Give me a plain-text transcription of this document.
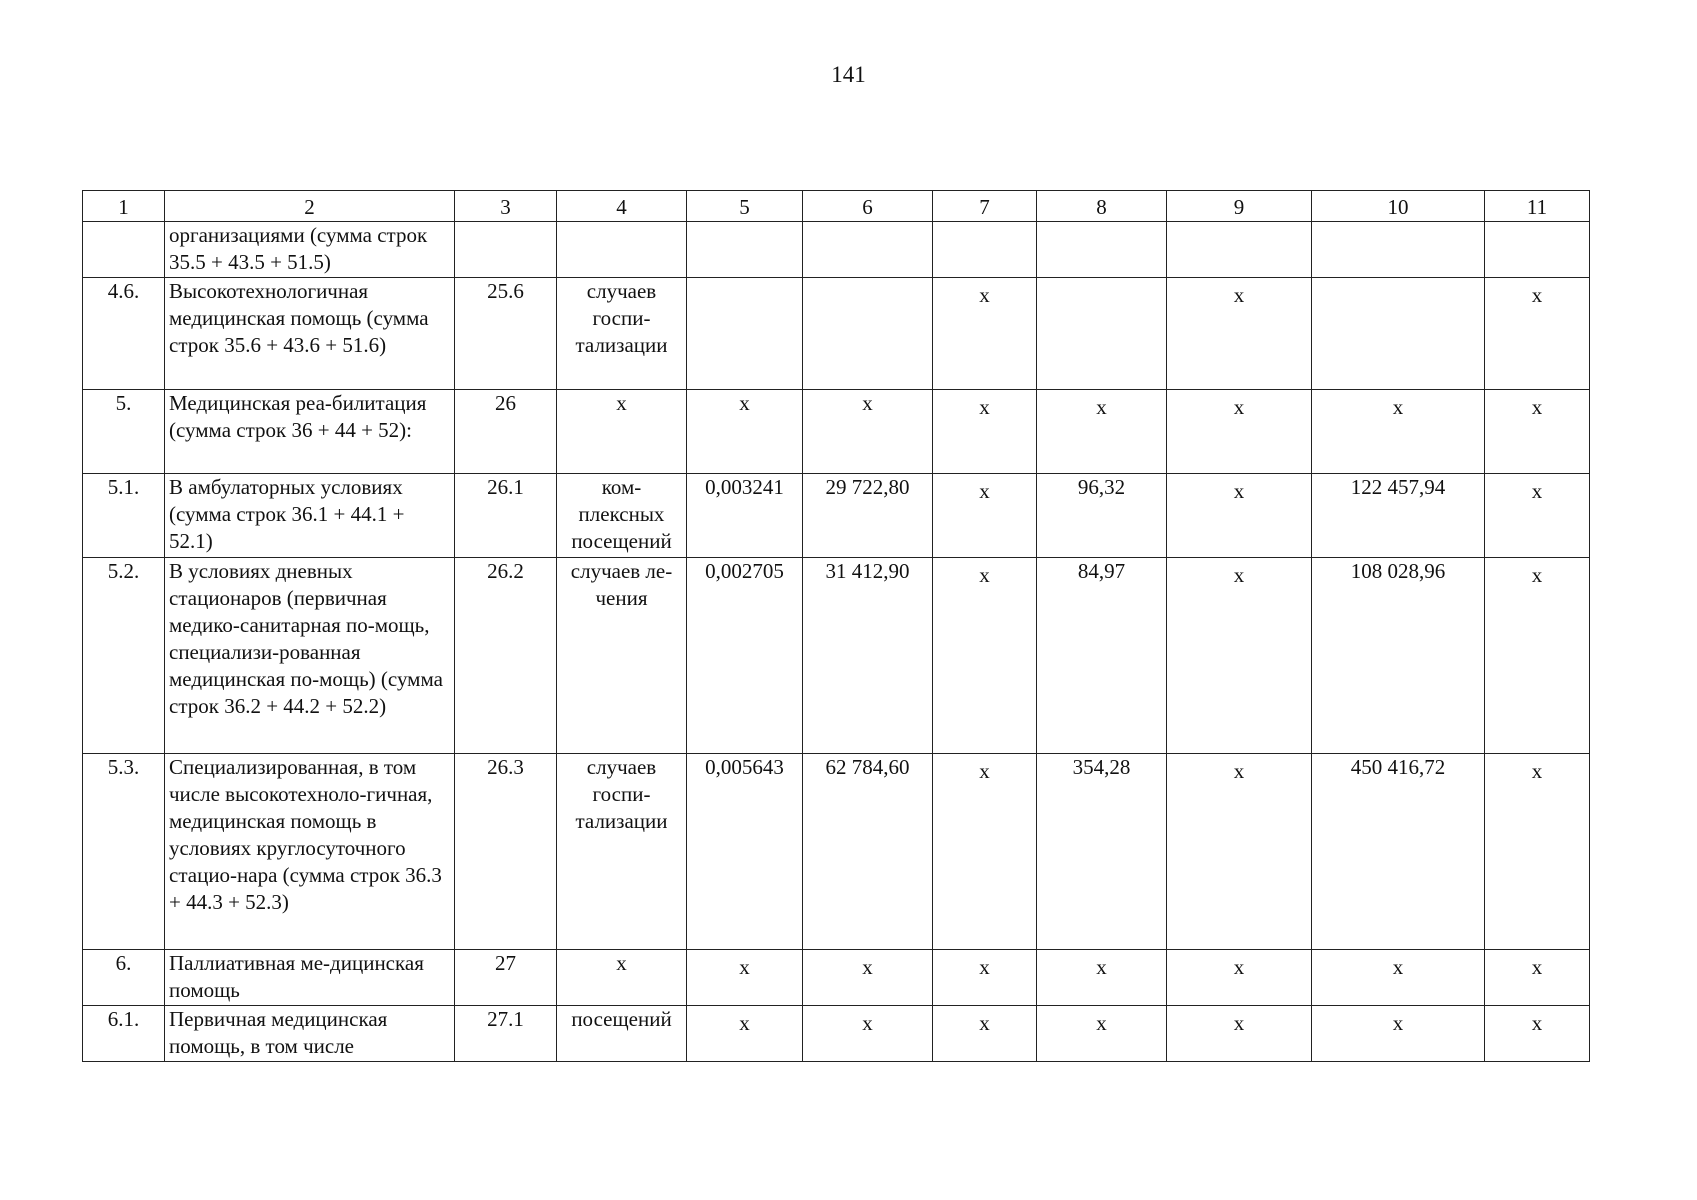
141
1	2	3	4	5	6	7	8	9	10	11
	организациями (сумма строк 35.5 + 43.5 + 51.5)									
4.6.	Высокотехнологичная медицинская помощь (сумма строк 35.6 + 43.6 + 51.6)	25.6	случаев госпи-тализации			х		х		х
5.	Медицинская реа-билитация (сумма строк 36 + 44 + 52):	26	х	х	х	х	х	х	х	х
5.1.	В амбулаторных условиях (сумма строк 36.1 + 44.1 + 52.1)	26.1	ком-плексных посещений	0,003241	29 722,80	х	96,32	х	122 457,94	х
5.2.	В условиях дневных стационаров (первичная медико-санитарная по-мощь, специализи-рованная медицинская по-мощь) (сумма строк 36.2 + 44.2 + 52.2)	26.2	случаев ле-чения	0,002705	31 412,90	х	84,97	х	108 028,96	х
5.3.	Специализированная, в том числе высокотехноло-гичная, медицинская помощь в условиях круглосуточного стацио-нара (сумма строк 36.3 + 44.3 + 52.3)	26.3	случаев госпи-тализации	0,005643	62 784,60	х	354,28	х	450 416,72	х
6.	Паллиативная ме-дицинская помощь	27	х	х	х	х	х	х	х	х
6.1.	Первичная медицинская помощь, в том числе	27.1	посещений	х	х	х	х	х	х	х
